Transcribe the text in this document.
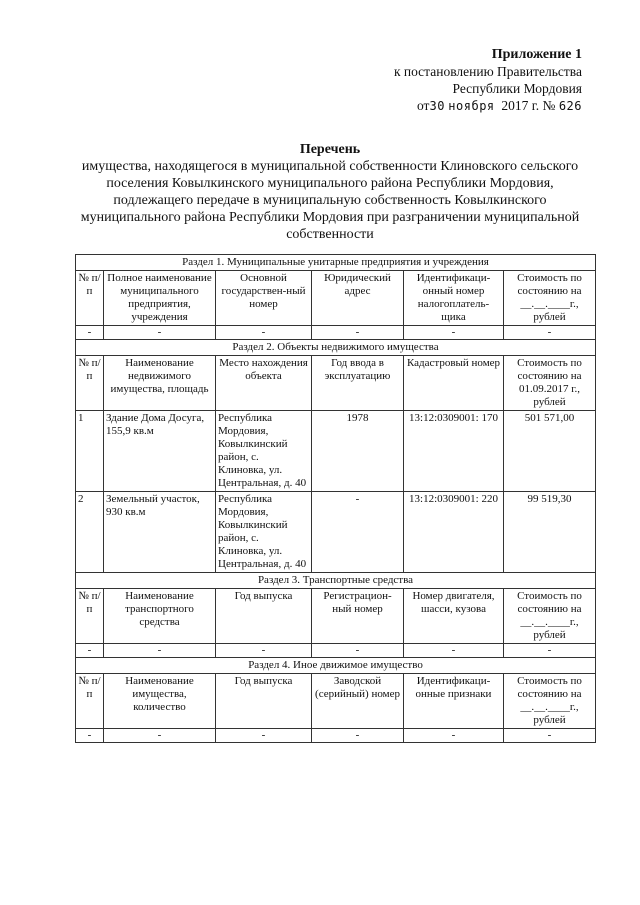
Приложение 1
к постановлению Правительства
Республики Мордовия
от30 ноября 2017 г. № 626
Перечень
имущества, находящегося в муниципальной собственности Клиновского сельского поселения Ковылкинского муниципального района Республики Мордовия, подлежащего передаче в муниципальную собственность Ковылкинского муниципального района Республики Мордовия при разграничении муниципальной собственности
Раздел 1. Муниципальные унитарные предприятия и учреждения					
№ п/п	Полное наименование муниципального предприятия, учреждения	Основной государствен-ный номер	Юридический адрес	Идентификаци-онный номер налогоплатель-щика	Стоимость по состоянию на __.__.____г., рублей
-	-	-	-	-	-
Раздел 2. Объекты недвижимого имущества					
№ п/п	Наименование недвижимого имущества, площадь	Место нахождения объекта	Год ввода в эксплуатацию	Кадастровый номер	Стоимость по состоянию на 01.09.2017 г., рублей
1	Здание Дома Досуга, 155,9 кв.м	Республика Мордовия, Ковылкинский район, с. Клиновка, ул. Центральная, д. 40	1978	13:12:0309001: 170	501 571,00
2	Земельный участок, 930 кв.м	Республика Мордовия, Ковылкинский район, с. Клиновка, ул. Центральная, д. 40	-	13:12:0309001: 220	99 519,30
Раздел 3. Транспортные средства					
№ п/п	Наименование транспортного средства	Год выпуска	Регистрацион-ный номер	Номер двигателя, шасси, кузова	Стоимость по состоянию на __.__.____г., рублей
-	-	-	-	-	-
Раздел 4. Иное движимое имущество					
№ п/п	Наименование имущества, количество	Год выпуска	Заводской (серийный) номер	Идентификаци-онные признаки	Стоимость по состоянию на __.__.____г., рублей
-	-	-	-	-	-
